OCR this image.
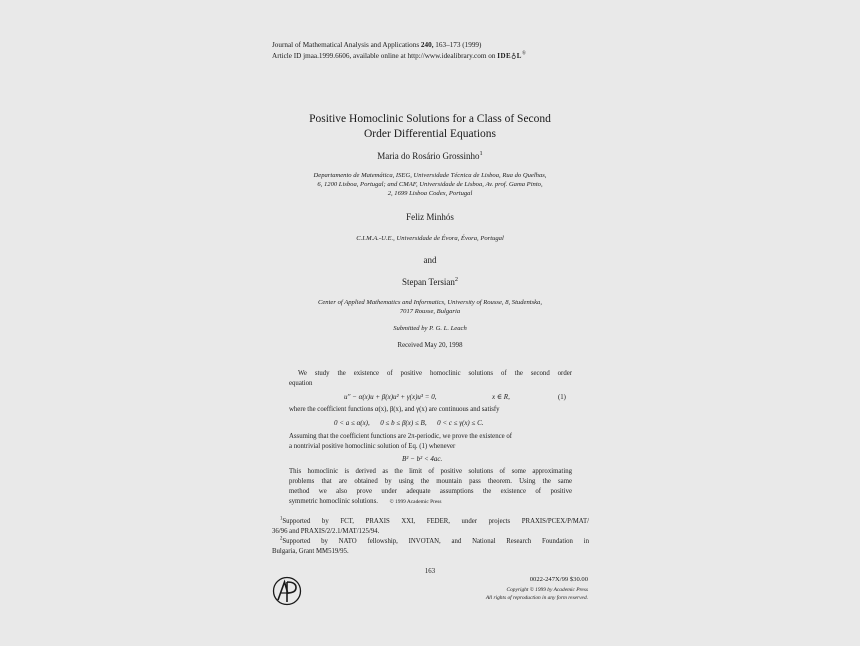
Journal of Mathematical Analysis and Applications 240, 163–173 (1999)
Article ID jmaa.1999.6606, available online at http://www.idealibrary.com on IDE♁L®
Positive Homoclinic Solutions for a Class of Second
Order Differential Equations
Maria do Rosário Grossinho$^1$
Departamento de Matemática, ISEG, Universidade Técnica de Lisboa, Rua do Quelhas,
6, 1200 Lisboa, Portugal; and CMAF, Universidade de Lisboa, Av. prof. Gama Pinto,
2, 1699 Lisboa Codex, Portugal
Feliz Minhós
C.I.M.A.-U.E., Universidade de Évora, Évora, Portugal
and
Stepan Tersian$^2$
Center of Applied Mathematics and Informatics, University of Rousse, 8, Studentska,
7017 Rousse, Bulgaria
Submitted by P. G. L. Leach
Received May 20, 1998
We study the existence of positive homoclinic solutions of the second order
equation
u″ − α(x)u + β(x)u² + γ(x)u³ = 0,	x ∈ R,	(1)
where the coefficient functions α(x), β(x), and γ(x) are continuous and satisfy
0 < a ≤ α(x),      0 ≤ b ≤ β(x) ≤ B,      0 < c ≤ γ(x) ≤ C.
Assuming that the coefficient functions are 2π-periodic, we prove the existence of
a nontrivial positive homoclinic solution of Eq. (1) whenever
B² − b² < 4ac.
This homoclinic is derived as the limit of positive solutions of some approximating
problems that are obtained by using the mountain pass theorem. Using the same
method we also prove under adequate assumptions the existence of positive
symmetric homoclinic solutions. © 1999 Academic Press
$^1$Supported by FCT, PRAXIS XXI, FEDER, under projects PRAXIS/PCEX/P/MAT/
36/96 and PRAXIS/2/2.1/MAT/125/94.
$^2$Supported by NATO fellowship, INVOTAN, and National Research Foundation in
Bulgaria, Grant MM519/95.
163
AP	0022-247X/99 $30.00
Copyright © 1999 by Academic Press
All rights of reproduction in any form reserved.
